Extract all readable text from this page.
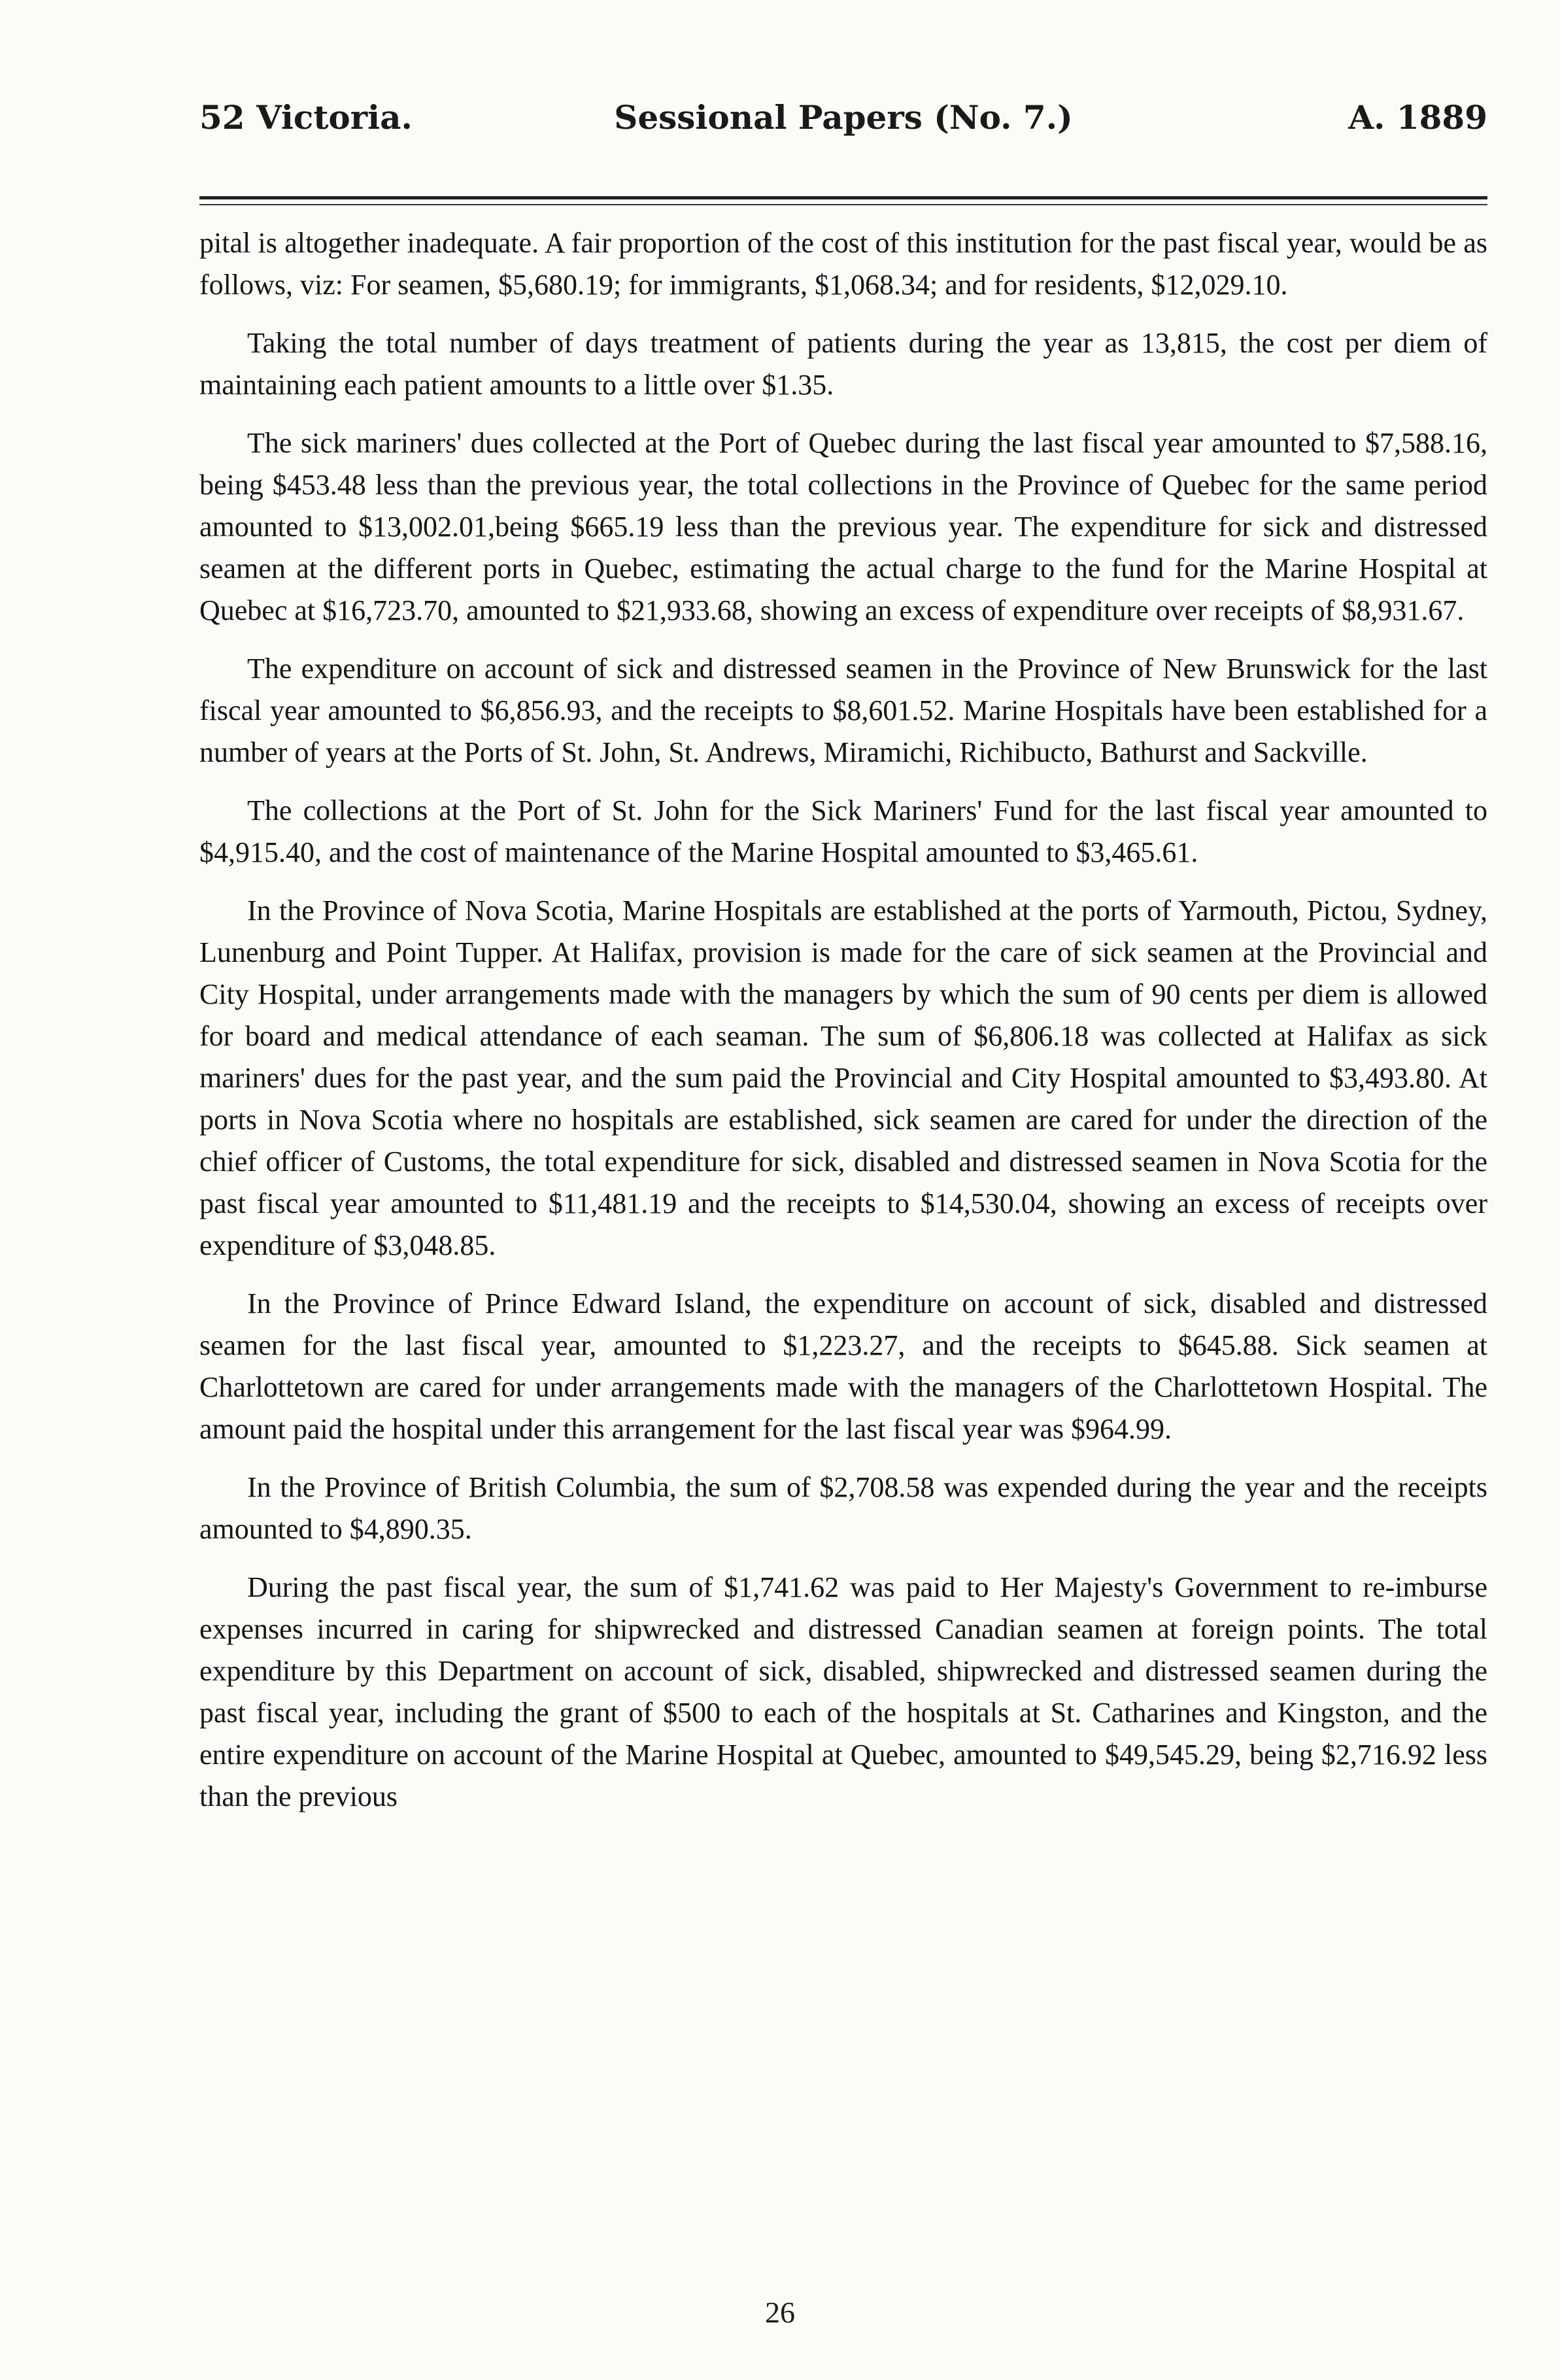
52 Victoria.	Sessional Papers (No. 7.)	A. 1889

pital is altogether inadequate. A fair proportion of the cost of this institution for the past fiscal year, would be as follows, viz: For seamen, $5,680.19; for immigrants, $1,068.34; and for residents, $12,029.10.

Taking the total number of days treatment of patients during the year as 13,815, the cost per diem of maintaining each patient amounts to a little over $1.35.

The sick mariners' dues collected at the Port of Quebec during the last fiscal year amounted to $7,588.16, being $453.48 less than the previous year, the total collections in the Province of Quebec for the same period amounted to $13,002.01,being $665.19 less than the previous year. The expenditure for sick and distressed seamen at the different ports in Quebec, estimating the actual charge to the fund for the Marine Hospital at Quebec at $16,723.70, amounted to $21,933.68, showing an excess of expenditure over receipts of $8,931.67.

The expenditure on account of sick and distressed seamen in the Province of New Brunswick for the last fiscal year amounted to $6,856.93, and the receipts to $8,601.52. Marine Hospitals have been established for a number of years at the Ports of St. John, St. Andrews, Miramichi, Richibucto, Bathurst and Sackville.

The collections at the Port of St. John for the Sick Mariners' Fund for the last fiscal year amounted to $4,915.40, and the cost of maintenance of the Marine Hospital amounted to $3,465.61.

In the Province of Nova Scotia, Marine Hospitals are established at the ports of Yarmouth, Pictou, Sydney, Lunenburg and Point Tupper. At Halifax, provision is made for the care of sick seamen at the Provincial and City Hospital, under arrangements made with the managers by which the sum of 90 cents per diem is allowed for board and medical attendance of each seaman. The sum of $6,806.18 was collected at Halifax as sick mariners' dues for the past year, and the sum paid the Provincial and City Hospital amounted to $3,493.80. At ports in Nova Scotia where no hospitals are established, sick seamen are cared for under the direction of the chief officer of Customs, the total expenditure for sick, disabled and distressed seamen in Nova Scotia for the past fiscal year amounted to $11,481.19 and the receipts to $14,530.04, showing an excess of receipts over expenditure of $3,048.85.

In the Province of Prince Edward Island, the expenditure on account of sick, disabled and distressed seamen for the last fiscal year, amounted to $1,223.27, and the receipts to $645.88. Sick seamen at Charlottetown are cared for under arrangements made with the managers of the Charlottetown Hospital. The amount paid the hospital under this arrangement for the last fiscal year was $964.99.

In the Province of British Columbia, the sum of $2,708.58 was expended during the year and the receipts amounted to $4,890.35.

During the past fiscal year, the sum of $1,741.62 was paid to Her Majesty's Government to re-imburse expenses incurred in caring for shipwrecked and distressed Canadian seamen at foreign points. The total expenditure by this Department on account of sick, disabled, shipwrecked and distressed seamen during the past fiscal year, including the grant of $500 to each of the hospitals at St. Catharines and Kingston, and the entire expenditure on account of the Marine Hospital at Quebec, amounted to $49,545.29, being $2,716.92 less than the previous

26
